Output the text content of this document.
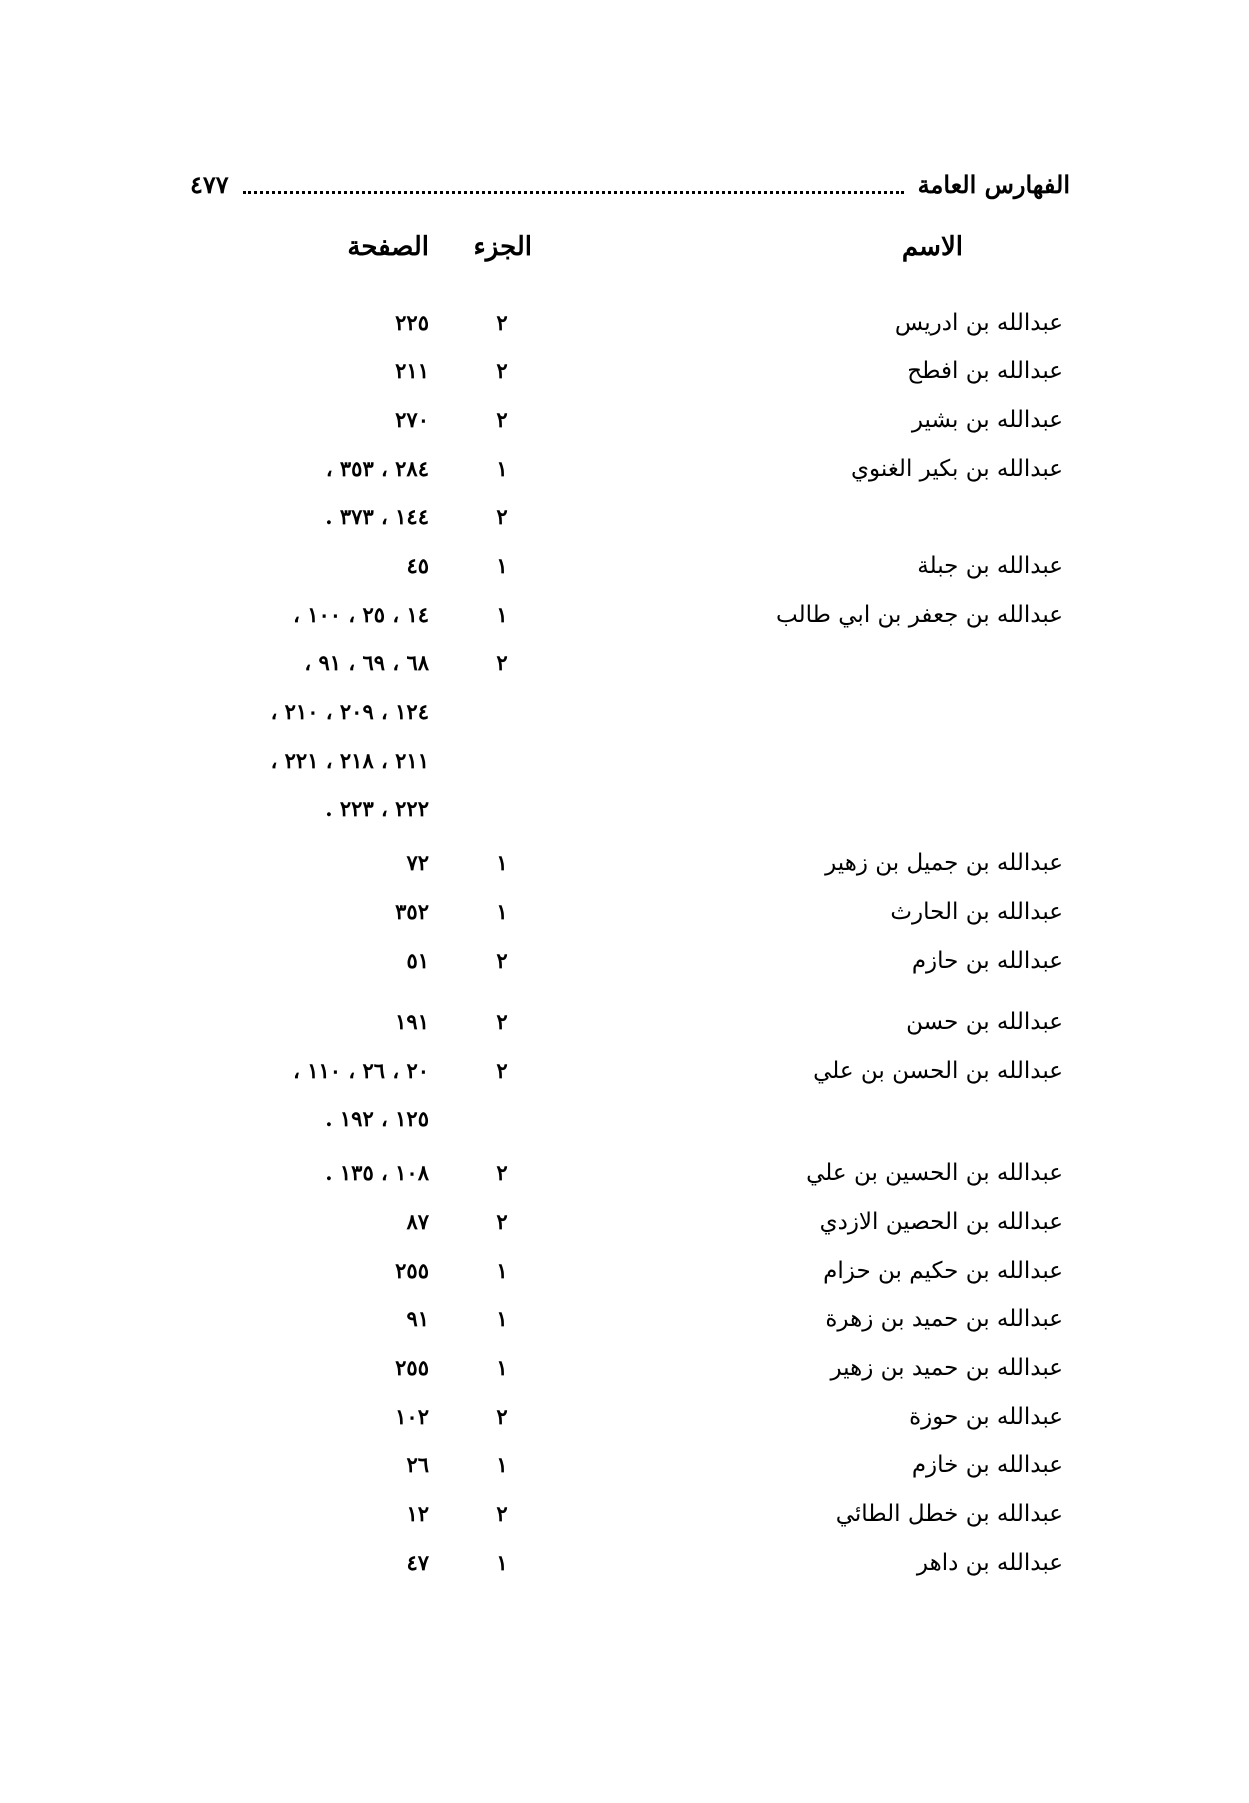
الفهارس العامة
٤٧٧
الاسم
الجزء
الصفحة
عبدالله بن ادريس
٢
٢٢٥
عبدالله بن افطح
٢
٢١١
عبدالله بن بشير
٢
٢٧٠
عبدالله بن بكير الغنوي
١
٢٨٤ ، ٣٥٣ ،
٢
١٤٤ ، ٣٧٣ .
عبدالله بن جبلة
١
٤٥
عبدالله بن جعفر بن ابي طالب
١
١٤ ، ٢٥ ، ١٠٠ ،
٢
٦٨ ، ٦٩ ، ٩١ ،
١٢٤ ، ٢٠٩ ، ٢١٠ ،
٢١١ ، ٢١٨ ، ٢٢١ ،
٢٢٢ ، ٢٢٣ .
عبدالله بن جميل بن زهير
١
٧٢
عبدالله بن الحارث
١
٣٥٢
عبدالله بن حازم
٢
٥١
عبدالله بن حسن
٢
١٩١
عبدالله بن الحسن بن علي
٢
٢٠ ، ٢٦ ، ١١٠ ،
١٢٥ ، ١٩٢ .
عبدالله بن الحسين بن علي
٢
١٠٨ ، ١٣٥ .
عبدالله بن الحصين الازدي
٢
٨٧
عبدالله بن حكيم بن حزام
١
٢٥٥
عبدالله بن حميد بن زهرة
١
٩١
عبدالله بن حميد بن زهير
١
٢٥٥
عبدالله بن حوزة
٢
١٠٢
عبدالله بن خازم
١
٢٦
عبدالله بن خطل الطائي
٢
١٢
عبدالله بن داهر
١
٤٧
